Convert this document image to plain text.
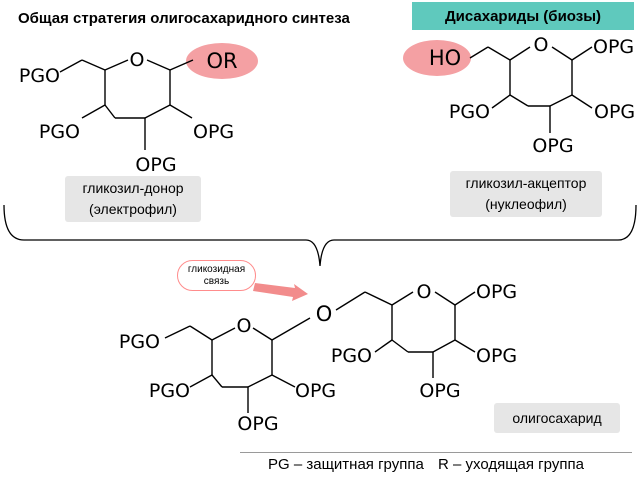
O	OR
PGO
PGO	OPG
OPG
O
HO	OPG
PGO	OPG
OPG
O
PGO
PGO	OPG
OPG
O
O OPG
PGO	OPG
OPG
Общая стратегия олигосахаридного синтеза	Дисахариды (биозы)
гликозил-донор
(электрофил)
гликозил-акцептор
(нуклеофил)
гликозидная
связь
олигосахарид
PG – защитная группа R – уходящая группа
